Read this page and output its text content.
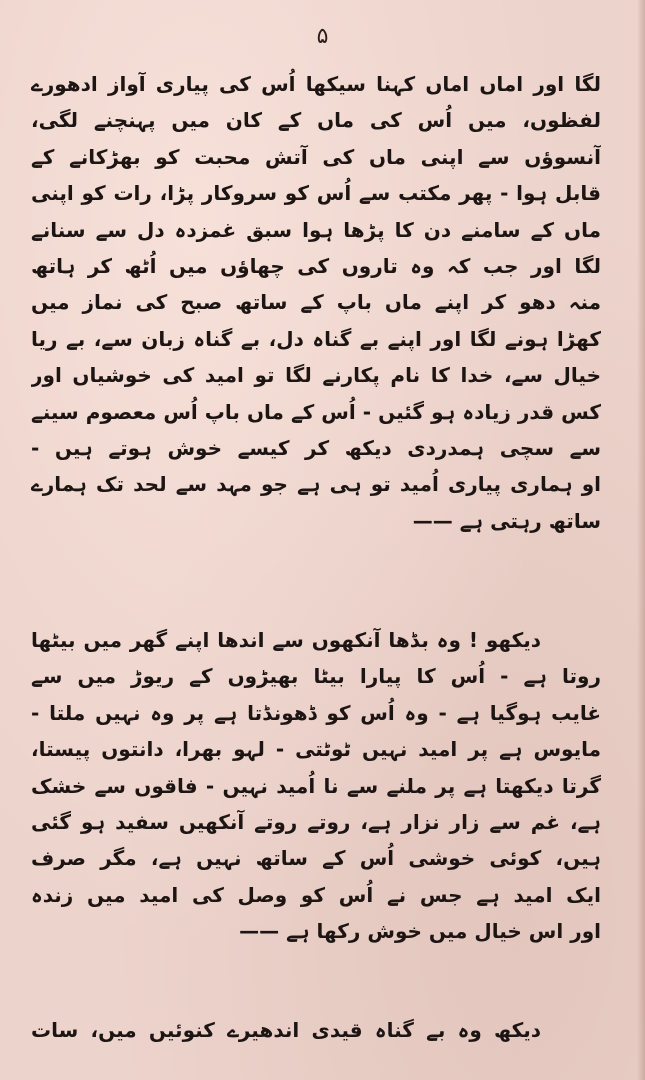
۵
لگا اور اماں اماں کہنا سیکھا اُس کی پیاری آواز ادھورے
لفظوں، میں اُس کی ماں کے کان میں پہنچنے لگی،
آنسوؤں سے اپنی ماں کی آتش محبت کو بھڑکانے کے
قابل ہوا - پھر مکتب سے اُس کو سروکار پڑا، رات کو اپنی
ماں کے سامنے دن کا پڑھا ہوا سبق غمزدہ دل سے سنانے
لگا اور جب کہ وہ تاروں کی چھاؤں میں اُٹھ کر ہاتھ
منہ دھو کر اپنے ماں باپ کے ساتھ صبح کی نماز میں
کھڑا ہونے لگا اور اپنے بے گناہ دل، بے گناہ زبان سے، بے ریا
خیال سے، خدا کا نام پکارنے لگا تو امید کی خوشیاں اور
کس قدر زیادہ ہو گئیں - اُس کے ماں باپ اُس معصوم سینے
سے سچی ہمدردی دیکھ کر کیسے خوش ہوتے ہیں -
او ہماری پیاری اُمید تو ہی ہے جو مہد سے لحد تک ہمارے
ساتھ رہتی ہے ——
دیکھو ! وہ بڈھا آنکھوں سے اندھا اپنے گھر میں بیٹھا
روتا ہے - اُس کا پیارا بیٹا بھیڑوں کے ریوڑ میں سے
غایب ہوگیا ہے - وہ اُس کو ڈھونڈتا ہے پر وہ نہیں ملتا -
مایوس ہے پر امید نہیں ٹوٹتی - لہو بھرا، دانتوں پیستا،
گرتا دیکھتا ہے پر ملنے سے نا اُمید نہیں - فاقوں سے خشک
ہے، غم سے زار نزار ہے، روتے روتے آنکھیں سفید ہو گئی
ہیں، کوئی خوشی اُس کے ساتھ نہیں ہے، مگر صرف
ایک امید ہے جس نے اُس کو وصل کی امید میں زندہ
اور اس خیال میں خوش رکھا ہے ——
دیکھ وہ بے گناہ قیدی اندھیرے کنوئیں میں، سات
